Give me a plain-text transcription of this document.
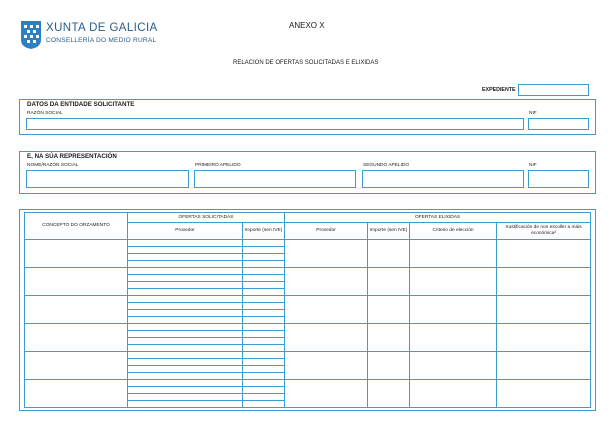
XUNTA DE GALICIA
CONSELLERÍA DO MEDIO RURAL
ANEXO X
RELACION DE OFERTAS SOLICITADAS E ELIXIDAS
EXPEDIENTE
DATOS DA ENTIDADE SOLICITANTE
RAZÓN SOCIAL	NIF
E, NA SÚA REPRESENTACIÓN
NOME/RAZÓN SOCIAL	PRIMEIRO APELIDO	SEGUNDO APELIDO	NIF
CONCEPTO DO ORZAMENTO	OFERTAS SOLICITADAS		OFERTAS ELIXIDAS			
	Provedor	Importe (sen IVE)	Provedor	Importe (sen IVE)	Criterio de elección	Xustificación de non escoller a máis económica²
